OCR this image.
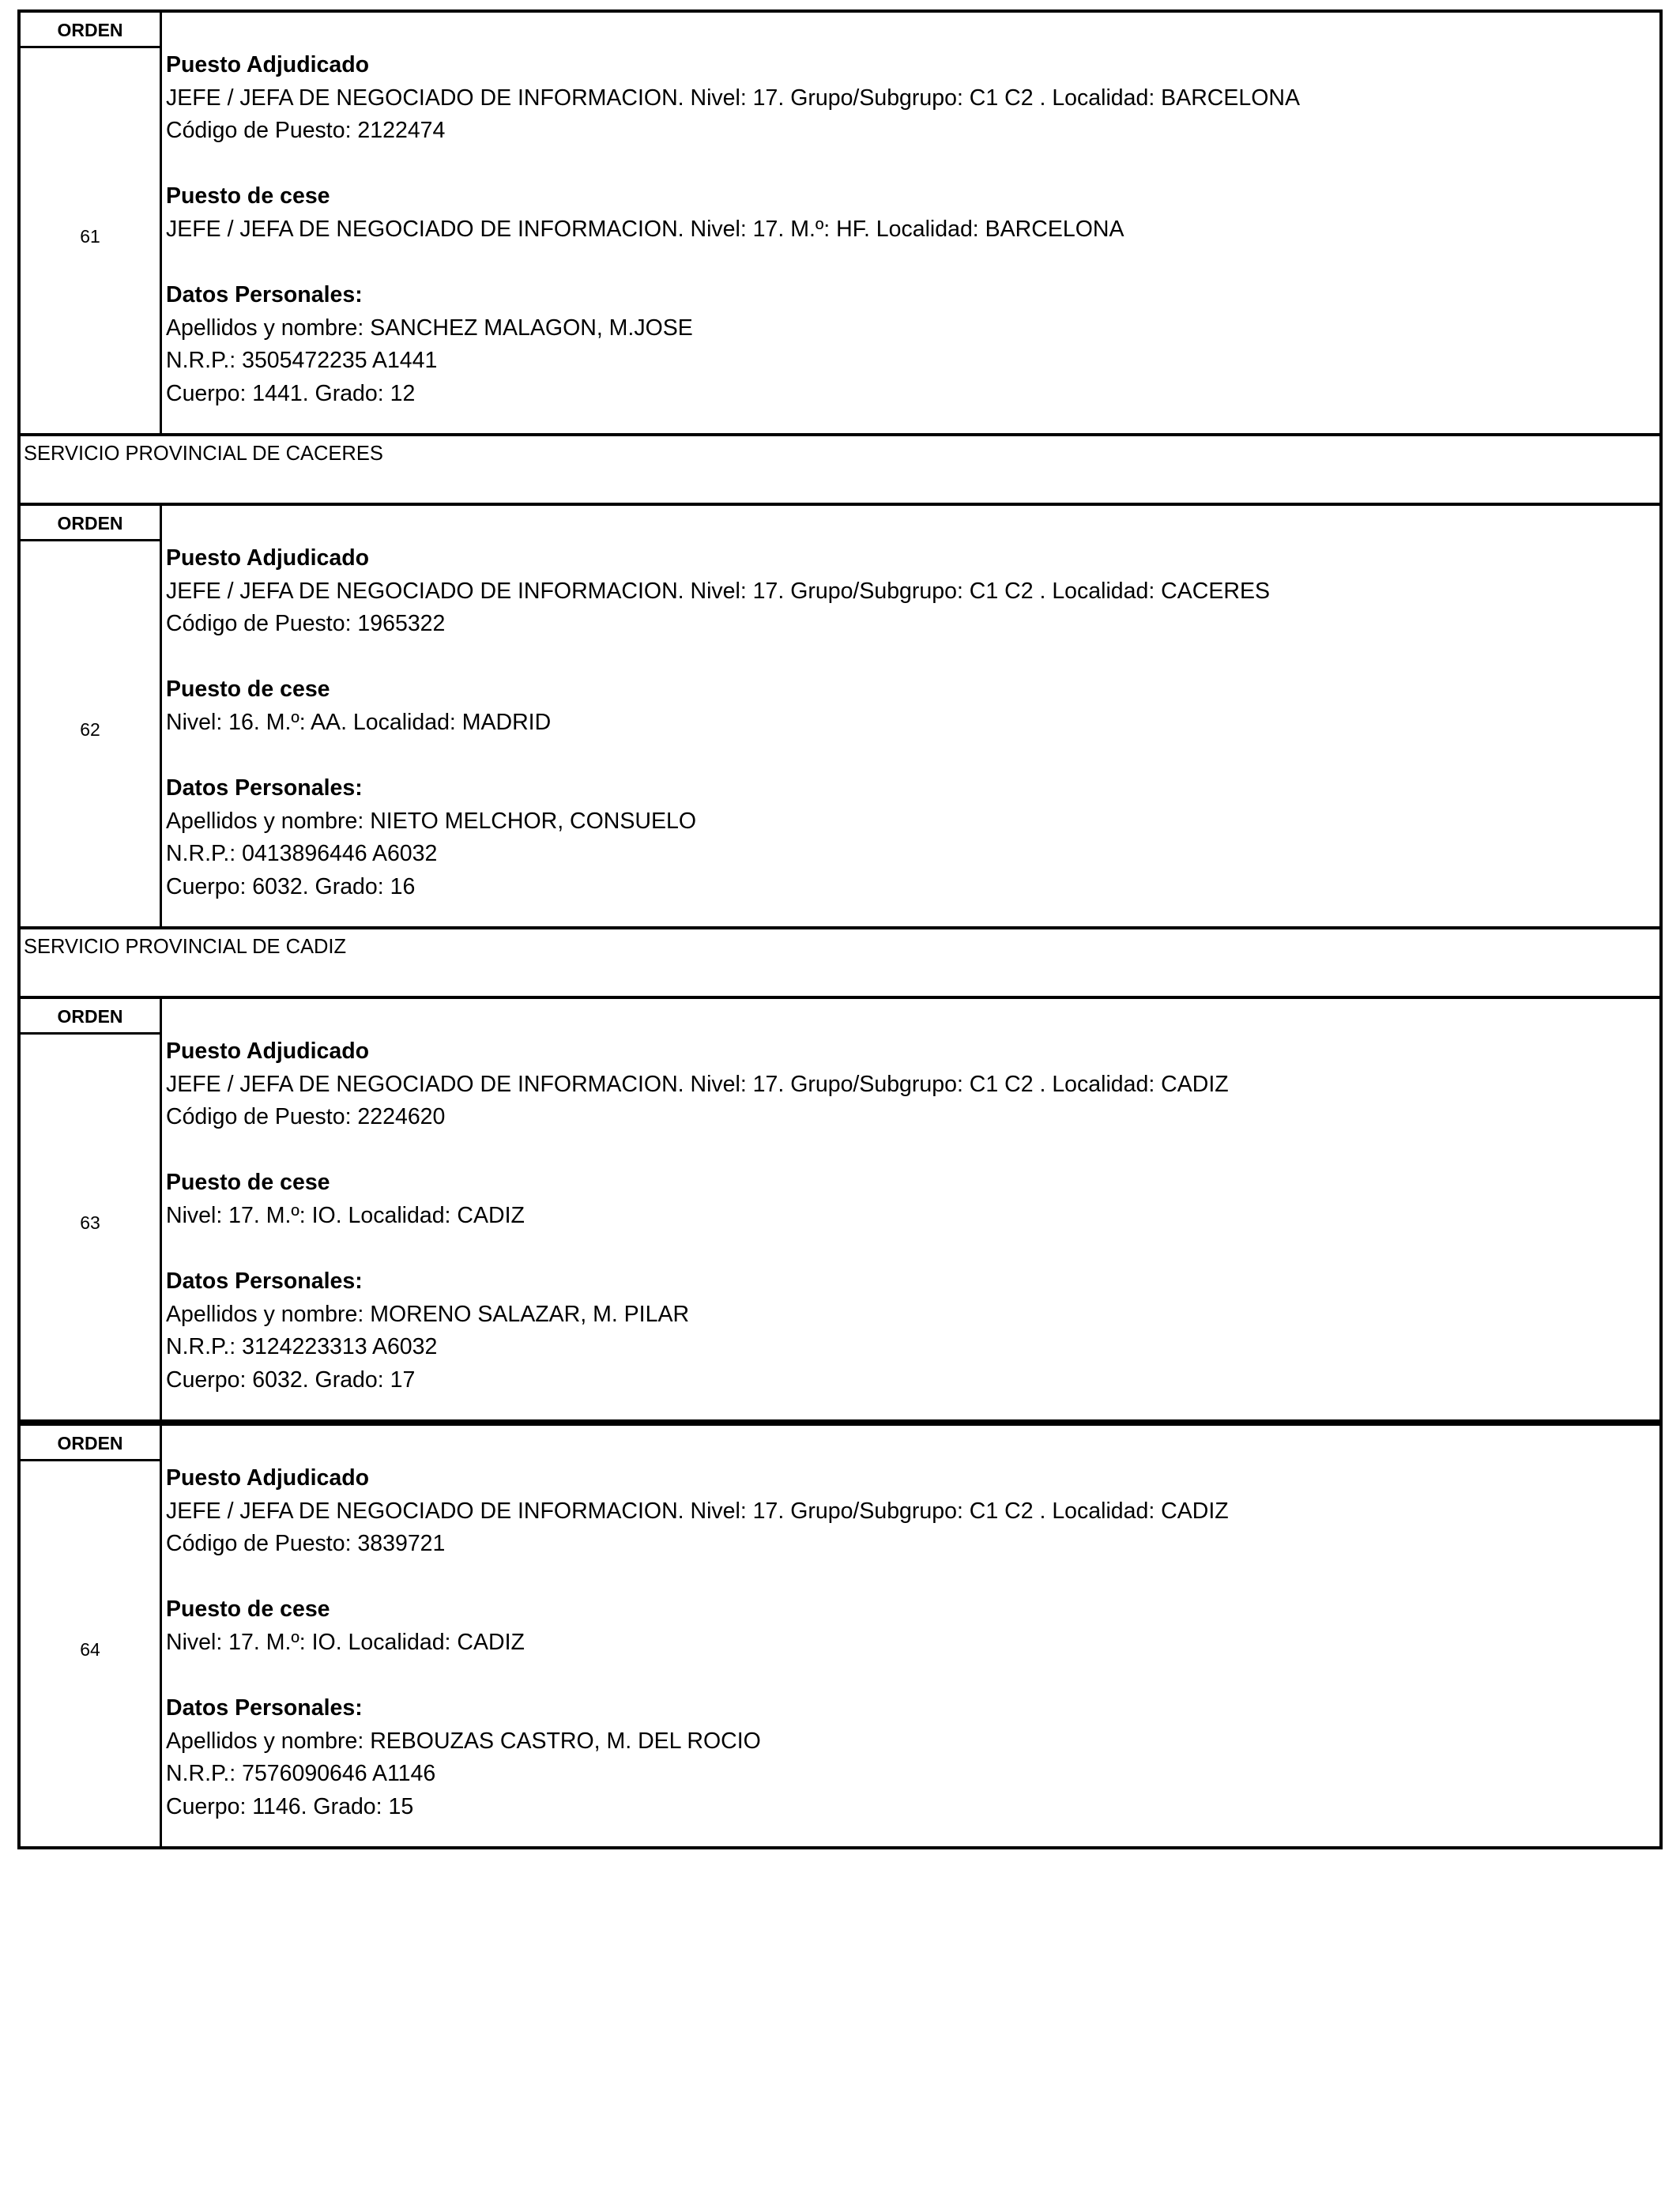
ORDEN
61
Puesto Adjudicado
JEFE / JEFA DE NEGOCIADO DE INFORMACION. Nivel: 17. Grupo/Subgrupo: C1 C2 . Localidad: BARCELONA
Código de Puesto: 2122474
Puesto de cese
JEFE / JEFA DE NEGOCIADO DE INFORMACION. Nivel: 17. M.º: HF. Localidad: BARCELONA
Datos Personales:
Apellidos y nombre: SANCHEZ MALAGON, M.JOSE
N.R.P.: 3505472235 A1441
Cuerpo: 1441. Grado: 12
SERVICIO PROVINCIAL DE CACERES
ORDEN
62
Puesto Adjudicado
JEFE / JEFA DE NEGOCIADO DE INFORMACION. Nivel: 17. Grupo/Subgrupo: C1 C2 . Localidad: CACERES
Código de Puesto: 1965322
Puesto de cese
Nivel: 16. M.º: AA. Localidad: MADRID
Datos Personales:
Apellidos y nombre: NIETO MELCHOR, CONSUELO
N.R.P.: 0413896446 A6032
Cuerpo: 6032. Grado: 16
SERVICIO PROVINCIAL DE CADIZ
ORDEN
63
Puesto Adjudicado
JEFE / JEFA DE NEGOCIADO DE INFORMACION. Nivel: 17. Grupo/Subgrupo: C1 C2 . Localidad: CADIZ
Código de Puesto: 2224620
Puesto de cese
Nivel: 17. M.º: IO. Localidad: CADIZ
Datos Personales:
Apellidos y nombre: MORENO SALAZAR, M. PILAR
N.R.P.: 3124223313 A6032
Cuerpo: 6032. Grado: 17
ORDEN
64
Puesto Adjudicado
JEFE / JEFA DE NEGOCIADO DE INFORMACION. Nivel: 17. Grupo/Subgrupo: C1 C2 . Localidad: CADIZ
Código de Puesto: 3839721
Puesto de cese
Nivel: 17. M.º: IO. Localidad: CADIZ
Datos Personales:
Apellidos y nombre: REBOUZAS CASTRO, M. DEL ROCIO
N.R.P.: 7576090646 A1146
Cuerpo: 1146. Grado: 15
